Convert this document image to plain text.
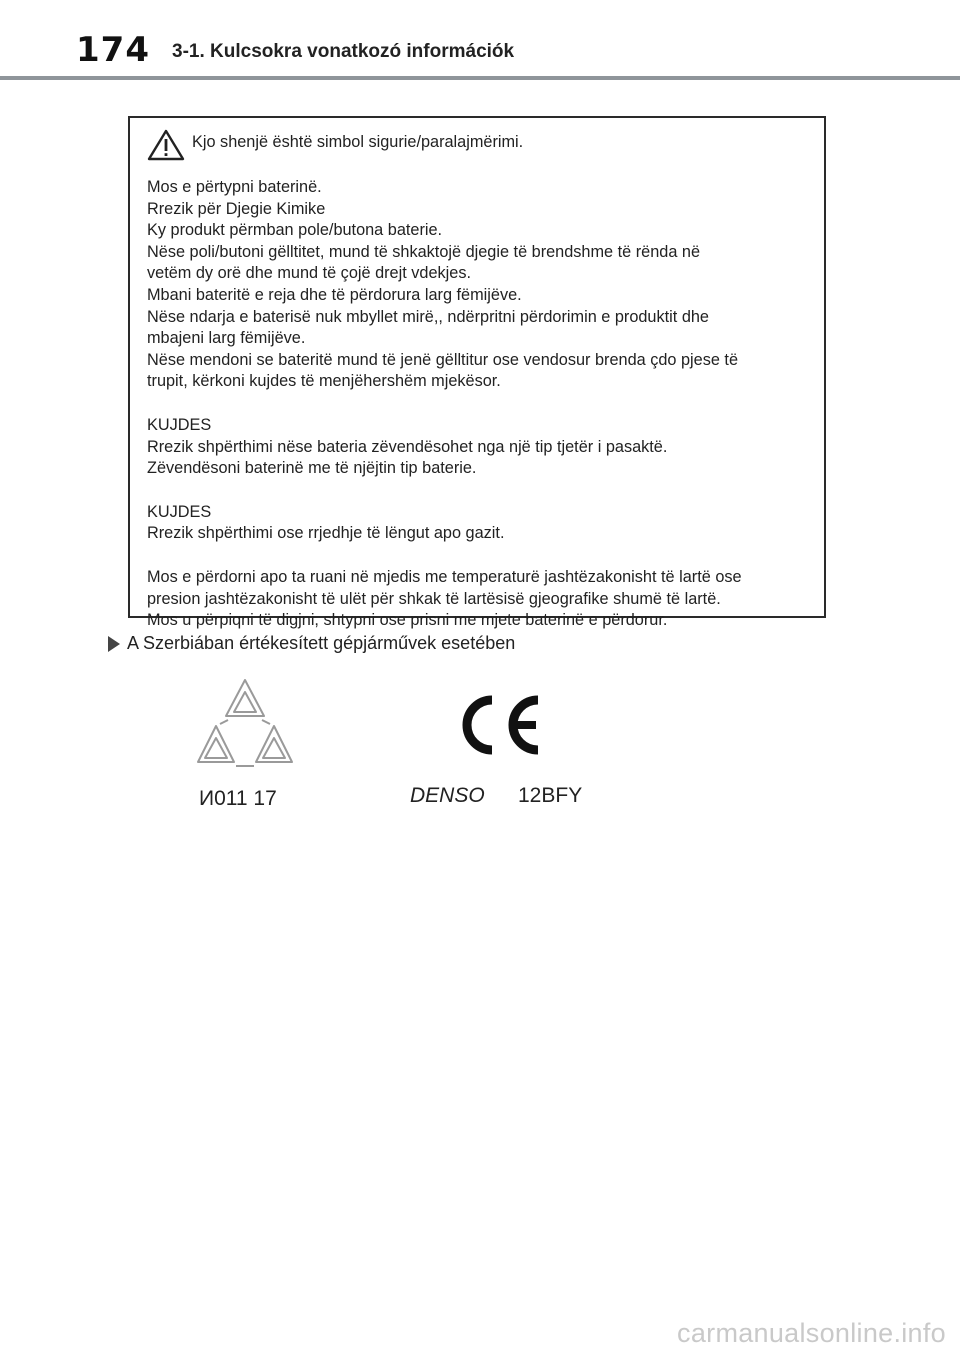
174 3-1. Kulcsokra vonatkozó információk
Kjo shenjë është simbol sigurie/paralajmërimi.

Mos e përtypni baterinë.

Rrezik për Djegie Kimike

Ky produkt përmban pole/butona baterie.

Nëse poli/butoni gëlltitet, mund të shkaktojë djegie të brendshme të rënda në

vetëm dy orë dhe mund të çojë drejt vdekjes.

Mbani bateritë e reja dhe të përdorura larg fëmijëve.

Nëse ndarja e baterisë nuk mbyllet mirë,, ndërpritni përdorimin e produktit dhe

mbajeni larg fëmijëve.

Nëse mendoni se bateritë mund të jenë gëlltitur ose vendosur brenda çdo pjese të

trupit, kërkoni kujdes të menjëhershëm mjekësor.

KUJDES

Rrezik shpërthimi nëse bateria zëvendësohet nga një tip tjetër i pasaktë.

Zëvendësoni baterinë me të njëjtin tip baterie.

KUJDES

Rrezik shpërthimi ose rrjedhje të lëngut apo gazit.

Mos e përdorni apo ta ruani në mjedis me temperaturë jashtëzakonisht të lartë ose

presion jashtëzakonisht të ulët për shkak të lartësisë gjeografike shumë të lartë.

Mos u përpiqni të digjni, shtypni ose prisni me mjete baterinë e përdorur.

A Szerbiában értékesített gépjárművek esetében
И011 17	DENSO 12BFY
carmanualsonline.info
